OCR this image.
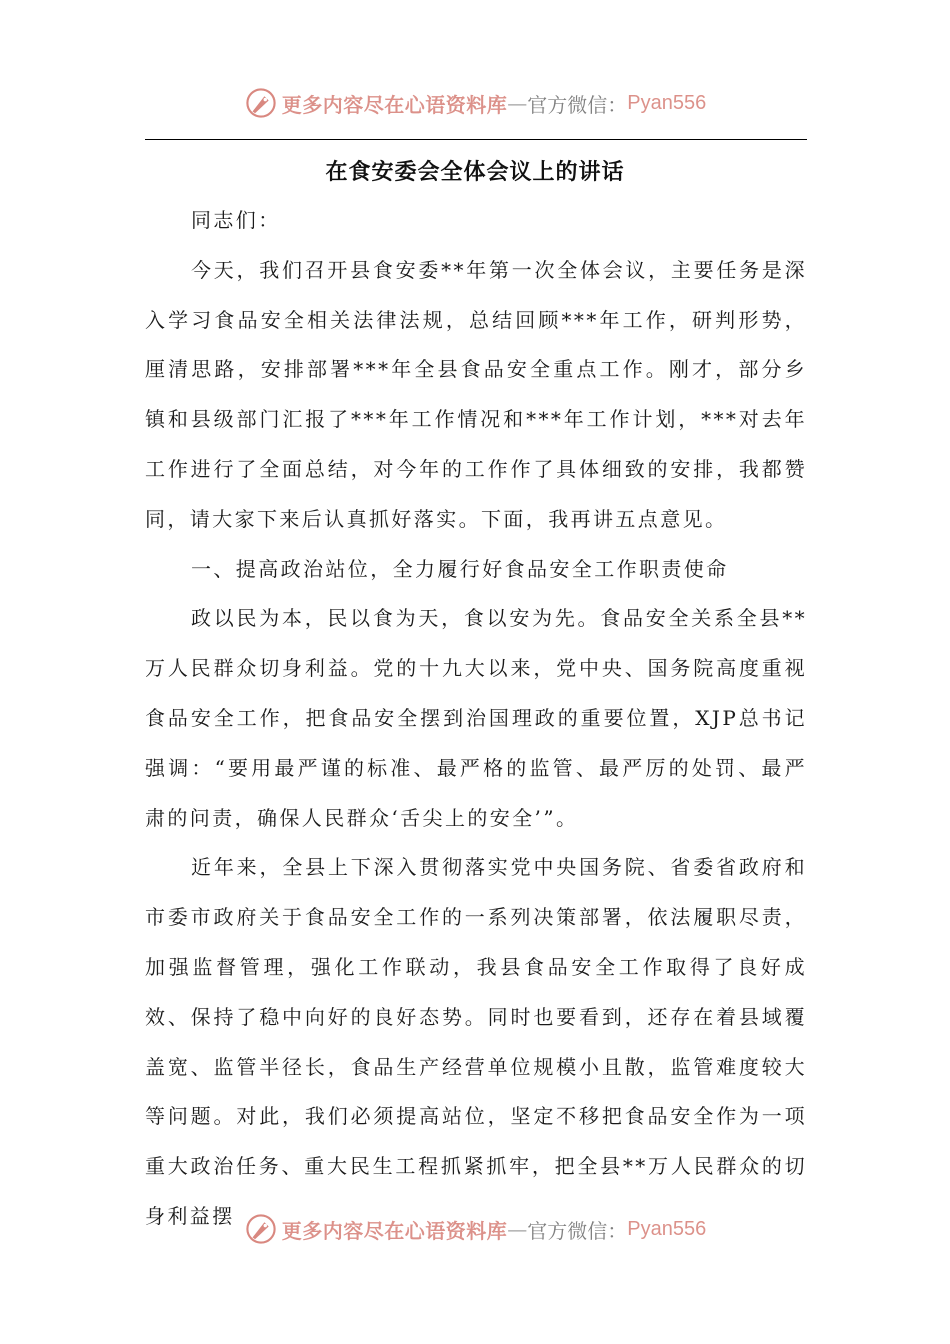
更多内容尽在心语资料库 — 官方微信： Pyan556
在食安委会全体会议上的讲话

同志们：

今天，我们召开县食安委**年第一次全体会议，主要任务是深入学习食品安全相关法律法规，总结回顾***年工作，研判形势，厘清思路，安排部署***年全县食品安全重点工作。刚才，部分乡镇和县级部门汇报了***年工作情况和***年工作计划，***对去年工作进行了全面总结，对今年的工作作了具体细致的安排，我都赞同，请大家下来后认真抓好落实。下面，我再讲五点意见。

一、提高政治站位，全力履行好食品安全工作职责使命

政以民为本，民以食为天，食以安为先。食品安全关系全县**万人民群众切身利益。党的十九大以来，党中央、国务院高度重视食品安全工作，把食品安全摆到治国理政的重要位置，XJP总书记强调：“要用最严谨的标准、最严格的监管、最严厉的处罚、最严肃的问责，确保人民群众‘舌尖上的安全’”。

近年来，全县上下深入贯彻落实党中央国务院、省委省政府和市委市政府关于食品安全工作的一系列决策部署，依法履职尽责，加强监督管理，强化工作联动，我县食品安全工作取得了良好成效、保持了稳中向好的良好态势。同时也要看到，还存在着县域覆盖宽、监管半径长，食品生产经营单位规模小且散，监管难度较大等问题。对此，我们必须提高站位，坚定不移把食品安全作为一项重大政治任务、重大民生工程抓紧抓牢，把全县**万人民群众的切身利益摆

更多内容尽在心语资料库 — 官方微信： Pyan556
